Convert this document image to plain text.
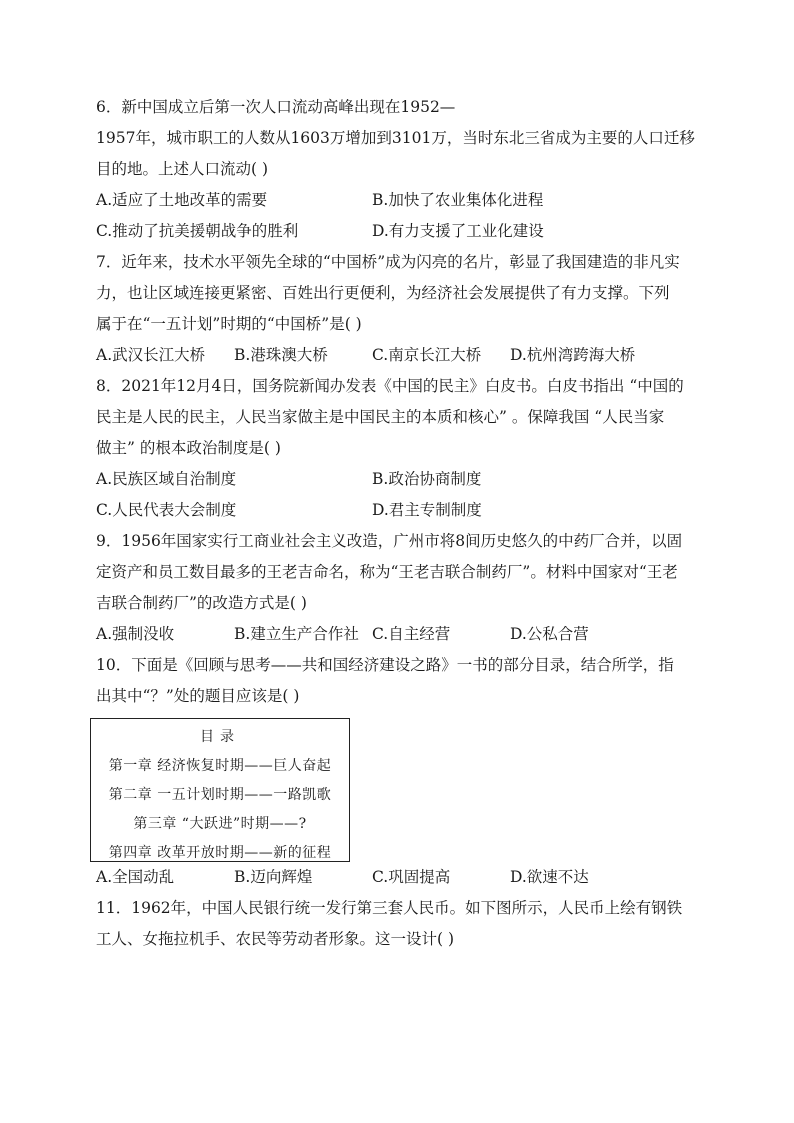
6．新中国成立后第一次人口流动高峰出现在1952—
1957年，城市职工的人数从1603万增加到3101万，当时东北三省成为主要的人口迁移
目的地。上述人口流动( )
A.适应了土地改革的需要	B.加快了农业集体化进程
C.推动了抗美援朝战争的胜利	D.有力支援了工业化建设
7．近年来，技术水平领先全球的“中国桥”成为闪亮的名片，彰显了我国建造的非凡实
力，也让区域连接更紧密、百姓出行更便利，为经济社会发展提供了有力支撑。下列
属于在“一五计划”时期的“中国桥”是( )
A.武汉长江大桥 B.港珠澳大桥	C.南京长江大桥 D.杭州湾跨海大桥
8．2021年12月4日，国务院新闻办发表《中国的民主》白皮书。白皮书指出 “中国的
民主是人民的民主，人民当家做主是中国民主的本质和核心” 。保障我国 “人民当家
做主” 的根本政治制度是( )
A.民族区域自治制度	B.政治协商制度
C.人民代表大会制度	D.君主专制制度
9．1956年国家实行工商业社会主义改造，广州市将8间历史悠久的中药厂合并，以固
定资产和员工数目最多的王老吉命名，称为“王老吉联合制药厂”。材料中国家对“王老
吉联合制药厂”的改造方式是( )
A.强制没收	B.建立生产合作社 C.自主经营	D.公私合营
10．下面是《回顾与思考——共和国经济建设之路》一书的部分目录，结合所学，指
出其中“？”处的题目应该是( )
目录
第一章 经济恢复时期——巨人奋起
第二章 一五计划时期——一路凯歌
第三章 “大跃进”时期——?
第四章 改革开放时期——新的征程
A.全国动乱	B.迈向辉煌	C.巩固提高	D.欲速不达
11．1962年，中国人民银行统一发行第三套人民币。如下图所示，人民币上绘有钢铁
工人、女拖拉机手、农民等劳动者形象。这一设计( )
